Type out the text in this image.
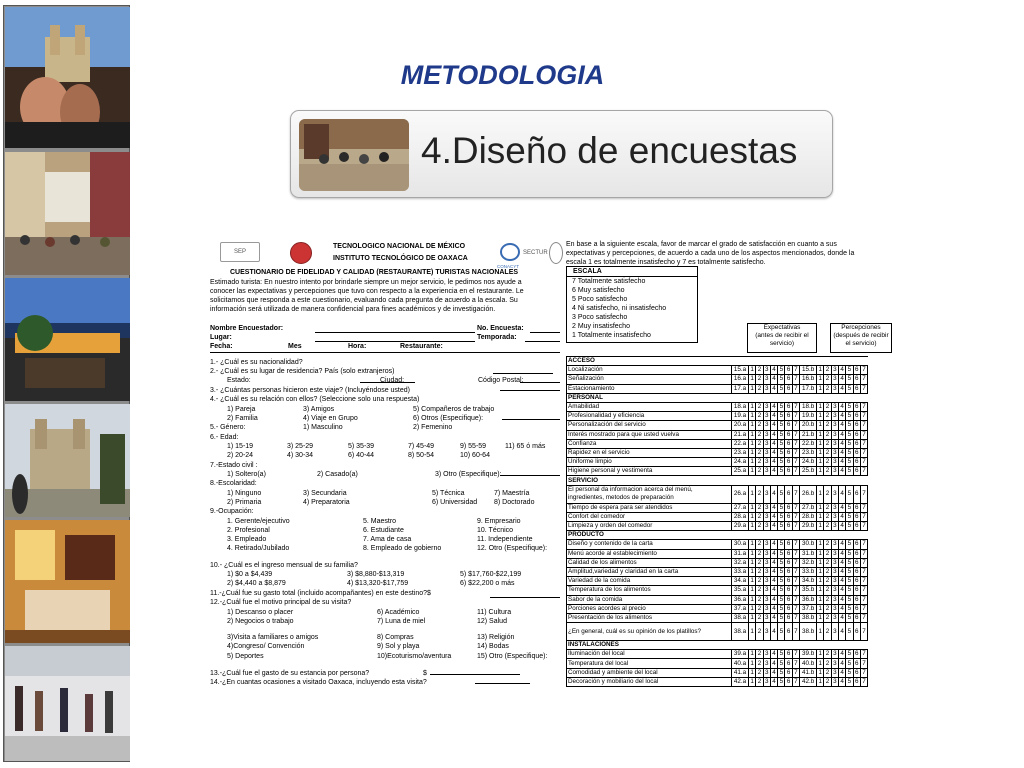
METODOLOGIA
4.Diseño de encuestas
SEP
CONACYT
SECTUR
TECNOLOGICO NACIONAL DE MÉXICO
INSTITUTO TECNOLÓGICO DE OAXACA
CUESTIONARIO DE FIDELIDAD Y CALIDAD (RESTAURANTE) TURISTAS NACIONALES
Estimado turista: En nuestro intento por brindarle siempre un mejor servicio, le pedimos nos ayude a
conocer las expectativas y percepciones que tuvo con respecto a la experiencia en el restaurante. Le
solicitamos que responda a este cuestionario, evaluando cada pregunta de acuerdo a la escala. Su
información será utilizada de manera confidencial para fines académicos y de investigación.
Nombre Encuestador:
Lugar:
Fecha:	Mes	Hora:	Restaurante:
No. Encuesta:
Temporada:
1.- ¿Cuál es su nacionalidad?
2.- ¿Cuál es su lugar de residencia? País (solo extranjeros)
Estado:	Ciudad:	Código Postal:
3.- ¿Cuántas personas hicieron este viaje? (Incluyéndose usted)
4.- ¿Cuál es su relación con ellos? (Seleccione solo una respuesta)
1) Pareja	3) Amigos	5) Compañeros de trabajo
2) Familia	4) Viaje en Grupo	6) Otros (Especifique):
5.- Género:	1) Masculino	2) Femenino
6.- Edad:
1) 15-19	3) 25-29	5) 35-39	7) 45-49	9) 55-59	11) 65 ó más
2) 20-24	4) 30-34	6) 40-44	8) 50-54	10) 60-64
7.-Estado civil :
1) Soltero(a)	2) Casado(a)	3) Otro (Especifique):
8.-Escolaridad:
1) Ninguno	3) Secundaria	5) Técnica	7) Maestría
2) Primaria	4) Preparatoria	6) Universidad 8) Doctorado
9.-Ocupación:
1. Gerente/ejecutivo	5. Maestro	9. Empresario
2. Profesional	6. Estudiante	10. Técnico
3. Empleado	7. Ama de casa	11. Independiente
4. Retirado/Jubilado	8. Empleado de gobierno	12. Otro (Especifique):
10.- ¿Cuál es el ingreso mensual de su familia?
1) $0 a $4,439	3) $8,880-$13,319	5) $17,760-$22,199
2) $4,440 a $8,879	4) $13,320-$17,759	6) $22,200 o más
11.-¿Cuál fue su gasto total (incluido acompañantes) en este destino?$
12.-¿Cuál fue el motivo principal de su visita?
1) Descanso o placer	6) Académico	11) Cultura
2) Negocios o trabajo	7) Luna de miel	12) Salud
3)Visita a familiares o amigos	8) Compras	13) Religión
4)Congreso/ Convención	9) Sol y playa	14) Bodas
5) Deportes	10)Ecoturismo/aventura	15) Otro (Especifique):
13.-¿Cuál fue el gasto de su estancia por persona?	$
14.-¿En cuantas ocasiones a visitado Oaxaca, incluyendo esta visita?
En base a la siguiente escala, favor de marcar el grado de satisfacción en cuanto a sus
expectativas y percepciones, de acuerdo a cada uno de los aspectos mencionados, donde la
escala 1 es totalmente insatisfecho y 7 es totalmente satisfecho.
ESCALA
7 Totalmente satisfecho
6 Muy satisfecho
5 Poco satisfecho
4 Ni satisfecho, ni insatisfecho
3 Poco satisfecho
2 Muy insatisfecho
1 Totalmente insatisfecho
Expectativas
(antes de recibir el
servicio)
Percepciones
(después de recibir
el servicio)
ACCESO																
Localización	15.a	1	2	3	4	5	6	7	15.b	1	2	3	4	5	6	7
Señalización	16.a	1	2	3	4	5	6	7	16.b	1	2	3	4	5	6	7
Estacionamiento	17.a	1	2	3	4	5	6	7	17.b	1	2	3	4	5	6	7
PERSONAL																
Amabilidad	18.a	1	2	3	4	5	6	7	18.b	1	2	3	4	5	6	7
Profesionalidad y eficiencia	19.a	1	2	3	4	5	6	7	19.b	1	2	3	4	5	6	7
Personalización del servicio	20.a	1	2	3	4	5	6	7	20.b	1	2	3	4	5	6	7
Interés mostrado para que usted vuelva	21.a	1	2	3	4	5	6	7	21.b	1	2	3	4	5	6	7
Confianza	22.a	1	2	3	4	5	6	7	22.b	1	2	3	4	5	6	7
Rapidez en el servicio	23.a	1	2	3	4	5	6	7	23.b	1	2	3	4	5	6	7
Uniforme limpio	24.a	1	2	3	4	5	6	7	24.b	1	2	3	4	5	6	7
Higiene personal y vestimenta	25.a	1	2	3	4	5	6	7	25.b	1	2	3	4	5	6	7
SERVICIO																
El personal da informacion acerca del menú, ingredientes, metodos de preparación	26.a	1	2	3	4	5	6	7	26.b	1	2	3	4	5	6	7
Tiempo de espera para ser atendidos	27.a	1	2	3	4	5	6	7	27.b	1	2	3	4	5	6	7
Confort del comedor	28.a	1	2	3	4	5	6	7	28.b	1	2	3	4	5	6	7
Limpieza y orden del comedor	29.a	1	2	3	4	5	6	7	29.b	1	2	3	4	5	6	7
PRODUCTO																
Diseño y contenido de la carta	30.a	1	2	3	4	5	6	7	30.b	1	2	3	4	5	6	7
Menú acorde al establecimiento	31.a	1	2	3	4	5	6	7	31.b	1	2	3	4	5	6	7
Calidad de los alimentos	32.a	1	2	3	4	5	6	7	32.b	1	2	3	4	5	6	7
Amplitud,variedad y claridad en la carta	33.a	1	2	3	4	5	6	7	33.b	1	2	3	4	5	6	7
Variedad de la comida	34.a	1	2	3	4	5	6	7	34.b	1	2	3	4	5	6	7
Temperatura de los alimentos	35.a	1	2	3	4	5	6	7	35.b	1	2	3	4	5	6	7
Sabor de la comida	36.a	1	2	3	4	5	6	7	36.b	1	2	3	4	5	6	7
Porciones acordes al precio	37.a	1	2	3	4	5	6	7	37.b	1	2	3	4	5	6	7
Presentación de los alimentos	38.a	1	2	3	4	5	6	7	38.b	1	2	3	4	5	6	7
¿En general, cuál es su opinión de los platillos?	38.a	1	2	3	4	5	6	7	38.b	1	2	3	4	5	6	7
INSTALACIONES																
Iluminación del local	39.a	1	2	3	4	5	6	7	39.b	1	2	3	4	5	6	7
Temperatura del local	40.a	1	2	3	4	5	6	7	40.b	1	2	3	4	5	6	7
Comodidad y ambiente del local	41.a	1	2	3	4	5	6	7	41.b	1	2	3	4	5	6	7
Decoración y mobiliario del local	42.a	1	2	3	4	5	6	7	42.b	1	2	3	4	5	6	7
